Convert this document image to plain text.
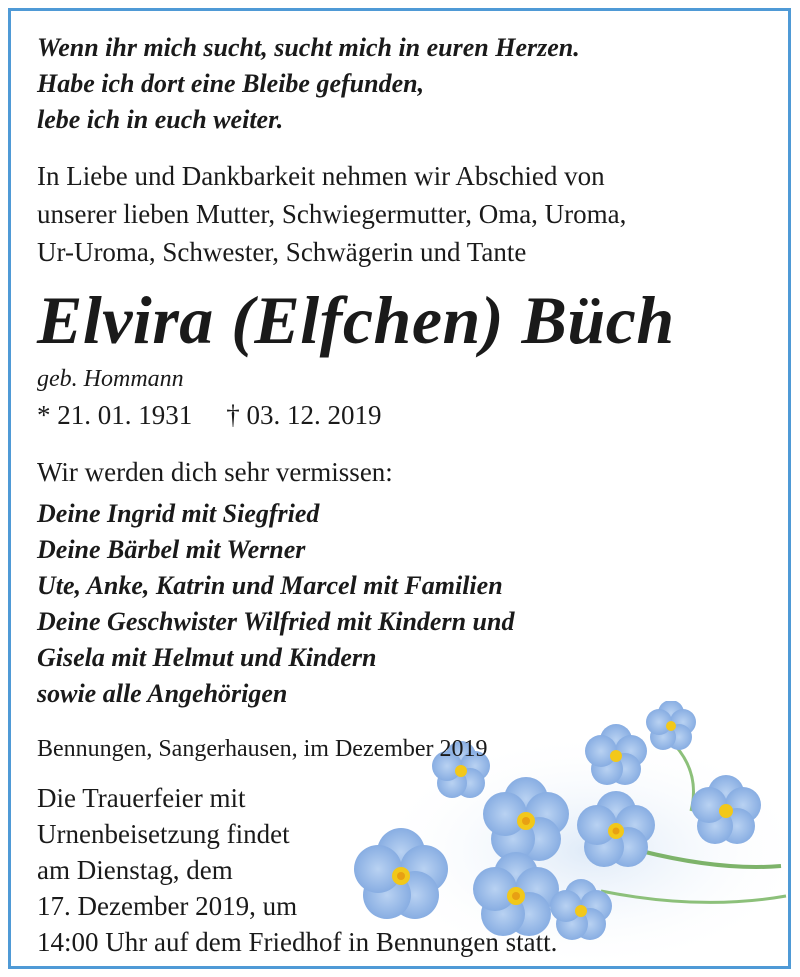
Wenn ihr mich sucht, sucht mich in euren Herzen.
Habe ich dort eine Bleibe gefunden,
lebe ich in euch weiter.
In Liebe und Dankbarkeit nehmen wir Abschied von
unserer lieben Mutter, Schwiegermutter, Oma, Uroma,
Ur-Uroma, Schwester, Schwägerin und Tante
Elvira (Elfchen) Büch
geb. Hommann
* 21. 01. 1931 † 03. 12. 2019
Wir werden dich sehr vermissen:
Deine Ingrid mit Siegfried
Deine Bärbel mit Werner
Ute, Anke, Katrin und Marcel mit Familien
Deine Geschwister Wilfried mit Kindern und
Gisela mit Helmut und Kindern
sowie alle Angehörigen
Bennungen, Sangerhausen, im Dezember 2019
Die Trauerfeier mit
Urnenbeisetzung findet
am Dienstag, dem
17. Dezember 2019, um
14:00 Uhr auf dem Friedhof in Bennungen statt.
